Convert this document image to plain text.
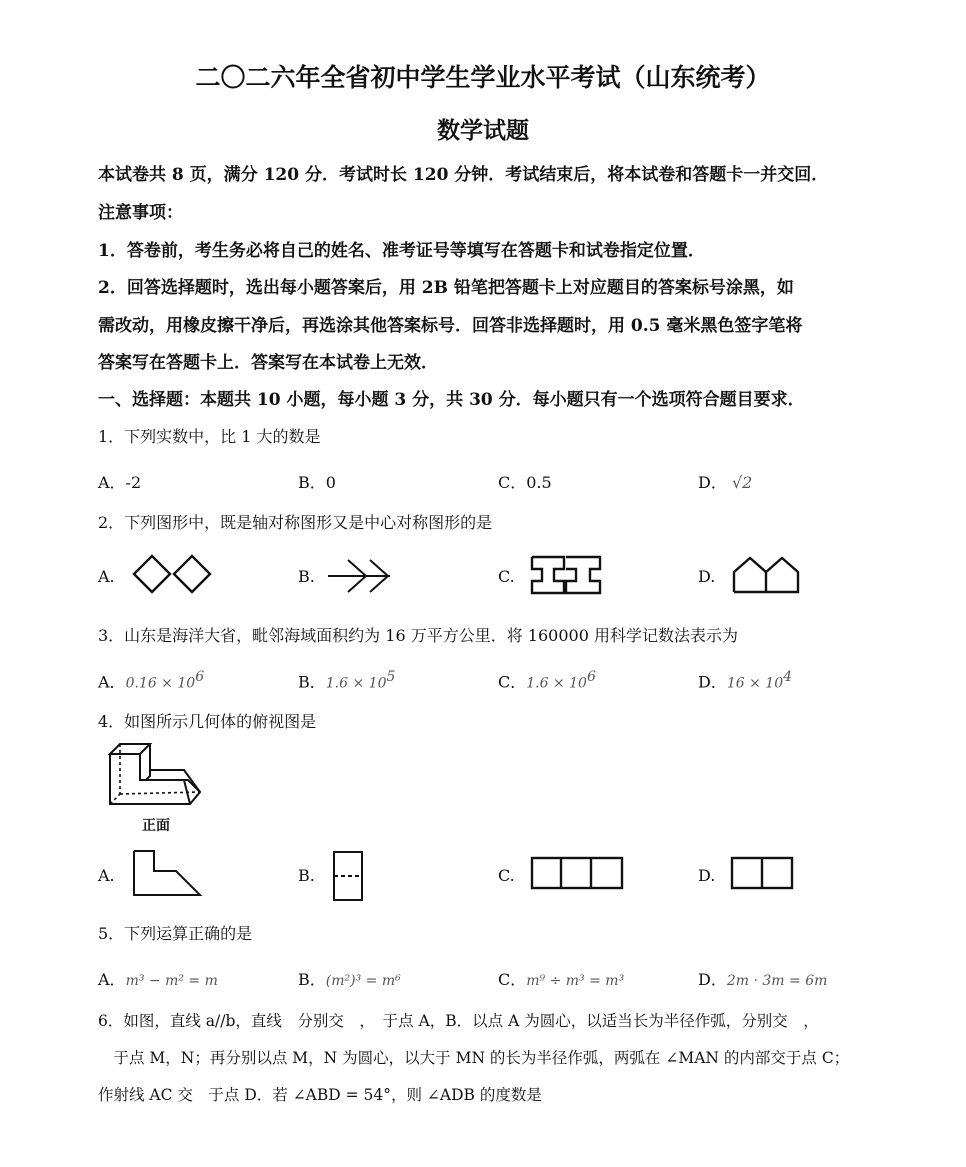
二〇二六年全省初中学生学业水平考试（山东统考）
数学试题
本试卷共 8 页，满分 120 分．考试时长 120 分钟．考试结束后，将本试卷和答题卡一并交回．
注意事项：
1．答卷前，考生务必将自己的姓名、准考证号等填写在答题卡和试卷指定位置．
2．回答选择题时，选出每小题答案后，用 2B 铅笔把答题卡上对应题目的答案标号涂黑，如
需改动，用橡皮擦干净后，再选涂其他答案标号．回答非选择题时，用 0.5 毫米黑色签字笔将
答案写在答题卡上．答案写在本试卷上无效．
一、选择题：本题共 10 小题，每小题 3 分，共 30 分．每小题只有一个选项符合题目要求．
1．下列实数中，比 1 大的数是
A．-2	B．0	C．0.5	D． √2
2．下列图形中，既是轴对称图形又是中心对称图形的是
A.	B.	C.	D.
3．山东是海洋大省，毗邻海域面积约为 16 万平方公里．将 160000 用科学记数法表示为
A．$0.16 \times 10^6$	B．$1.6 \times 10^5$	C．$1.6 \times 10^6$	D．$16 \times 10^4$
4．如图所示几何体的俯视图是
正面
A.	B.	C.	D.
5．下列运算正确的是
A．m³ − m² = m	B．(m²)³ = m⁶	C．m⁹ ÷ m³ = m³	D．2m · 3m = 6m
6．如图，直线 a//b，直线　分别交　，　于点 A，B．以点 A 为圆心，以适当长为半径作弧，分别交　，
　于点 M，N；再分别以点 M，N 为圆心，以大于 MN 的长为半径作弧，两弧在 ∠MAN 的内部交于点 C；
作射线 AC 交　于点 D．若 ∠ABD = 54°，则 ∠ADB 的度数是
